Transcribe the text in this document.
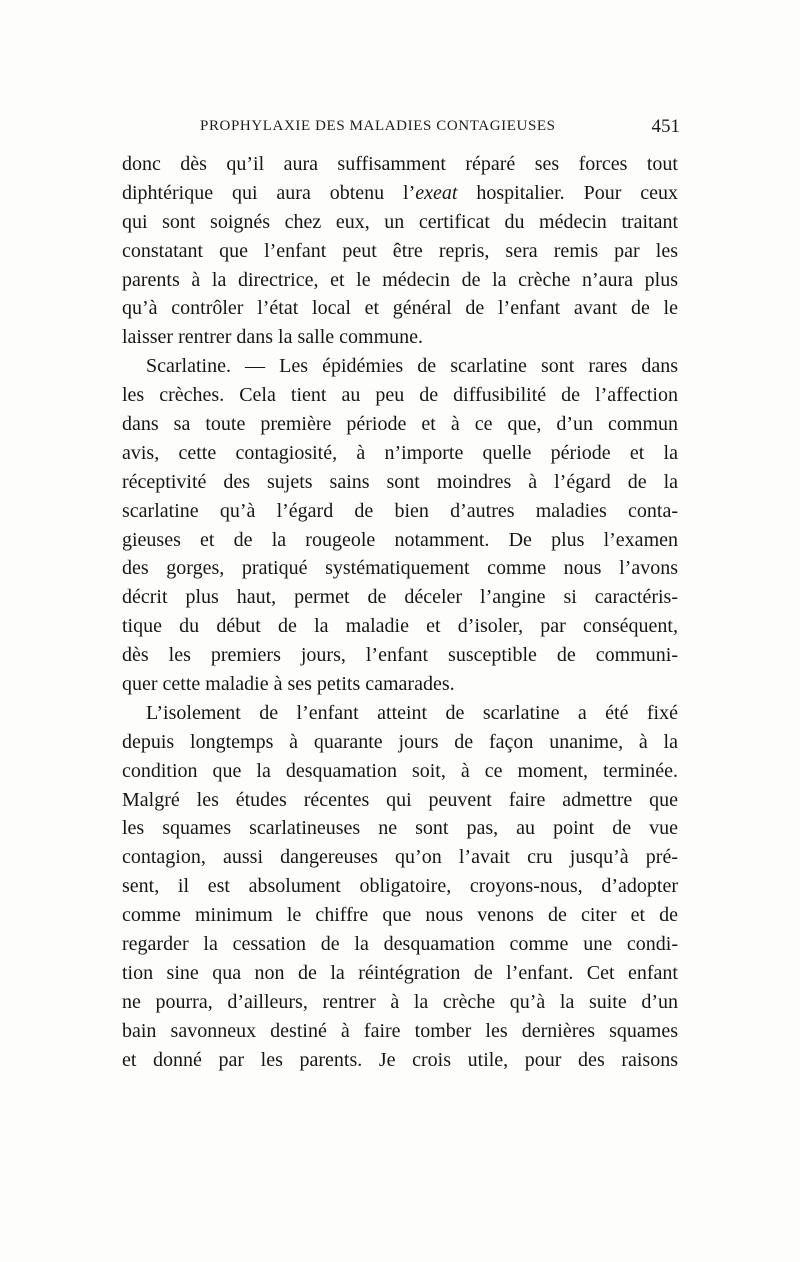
PROPHYLAXIE DES MALADIES CONTAGIEUSES	451
donc dès qu’il aura suffisamment réparé ses forces tout
diphtérique qui aura obtenu l’exeat hospitalier. Pour ceux
qui sont soignés chez eux, un certificat du médecin traitant
constatant que l’enfant peut être repris, sera remis par les
parents à la directrice, et le médecin de la crèche n’aura plus
qu’à contrôler l’état local et général de l’enfant avant de le
laisser rentrer dans la salle commune.
Scarlatine. — Les épidémies de scarlatine sont rares dans
les crèches. Cela tient au peu de diffusibilité de l’affection
dans sa toute première période et à ce que, d’un commun
avis, cette contagiosité, à n’importe quelle période et la
réceptivité des sujets sains sont moindres à l’égard de la
scarlatine qu’à l’égard de bien d’autres maladies conta-
gieuses et de la rougeole notamment. De plus l’examen
des gorges, pratiqué systématiquement comme nous l’avons
décrit plus haut, permet de déceler l’angine si caractéris-
tique du début de la maladie et d’isoler, par conséquent,
dès les premiers jours, l’enfant susceptible de communi-
quer cette maladie à ses petits camarades.
L’isolement de l’enfant atteint de scarlatine a été fixé
depuis longtemps à quarante jours de façon unanime, à la
condition que la desquamation soit, à ce moment, terminée.
Malgré les études récentes qui peuvent faire admettre que
les squames scarlatineuses ne sont pas, au point de vue
contagion, aussi dangereuses qu’on l’avait cru jusqu’à pré-
sent, il est absolument obligatoire, croyons-nous, d’adopter
comme minimum le chiffre que nous venons de citer et de
regarder la cessation de la desquamation comme une condi-
tion sine qua non de la réintégration de l’enfant. Cet enfant
ne pourra, d’ailleurs, rentrer à la crèche qu’à la suite d’un
bain savonneux destiné à faire tomber les dernières squames
et donné par les parents. Je crois utile, pour des raisons
